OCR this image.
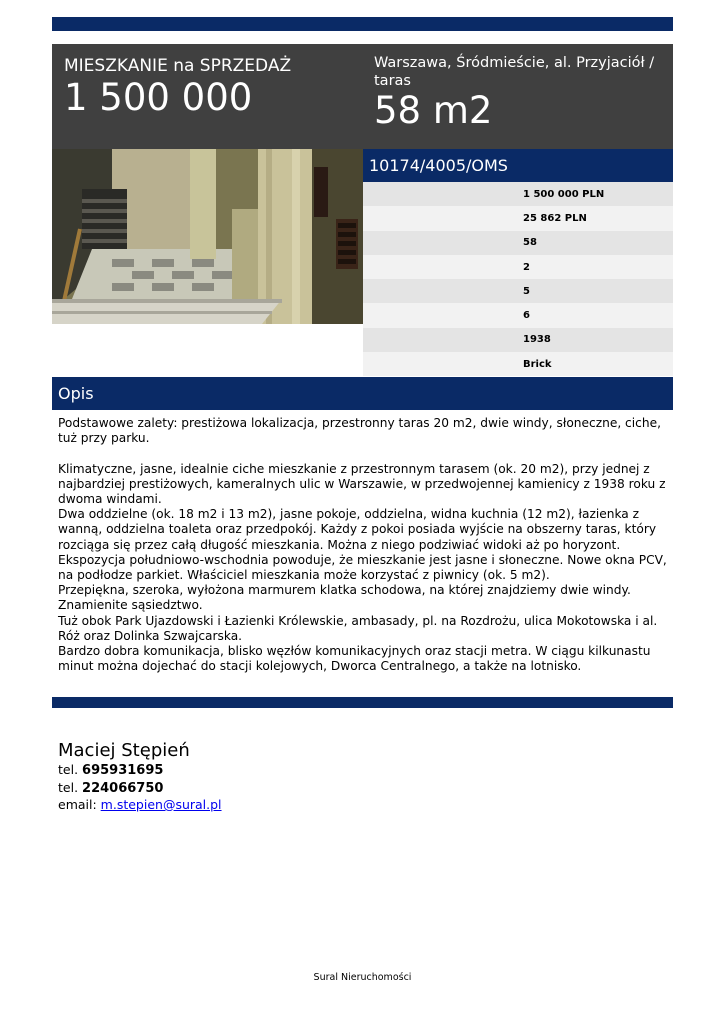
MIESZKANIE na SPRZEDAŻ
1 500 000
Warszawa, Śródmieście, al. Przyjaciół / taras
58 m2
10174/4005/OMS
1 500 000 PLN
25 862 PLN
58
2
5
6
1938
Brick
Opis

Podstawowe zalety: prestiżowa lokalizacja, przestronny taras 20 m2, dwie windy, słoneczne, ciche, tuż przy parku.

Klimatyczne, jasne, idealnie ciche mieszkanie z przestronnym tarasem (ok. 20 m2), przy jednej z najbardziej prestiżowych, kameralnych ulic w Warszawie, w przedwojennej kamienicy z 1938 roku z dwoma windami.

Dwa oddzielne (ok. 18 m2 i 13 m2), jasne pokoje, oddzielna, widna kuchnia (12 m2), łazienka z wanną, oddzielna toaleta oraz przedpokój. Każdy z pokoi posiada wyjście na obszerny taras, który rozciąga się przez całą długość mieszkania. Można z niego podziwiać widoki aż po horyzont.

Ekspozycja południowo-wschodnia powoduje, że mieszkanie jest jasne i słoneczne. Nowe okna PCV, na podłodze parkiet. Właściciel mieszkania może korzystać z piwnicy (ok. 5 m2).

Przepiękna, szeroka, wyłożona marmurem klatka schodowa, na której znajdziemy dwie windy. Znamienite sąsiedztwo.

Tuż obok Park Ujazdowski i Łazienki Królewskie, ambasady, pl. na Rozdrożu, ulica Mokotowska i al. Róż oraz Dolinka Szwajcarska.

Bardzo dobra komunikacja, blisko węzłów komunikacyjnych oraz stacji metra. W ciągu kilkunastu minut można dojechać do stacji kolejowych, Dworca Centralnego, a także na lotnisko.

Maciej Stępień
tel. 695931695
tel. 224066750
email: m.stepien@sural.pl
Sural Nieruchomości
